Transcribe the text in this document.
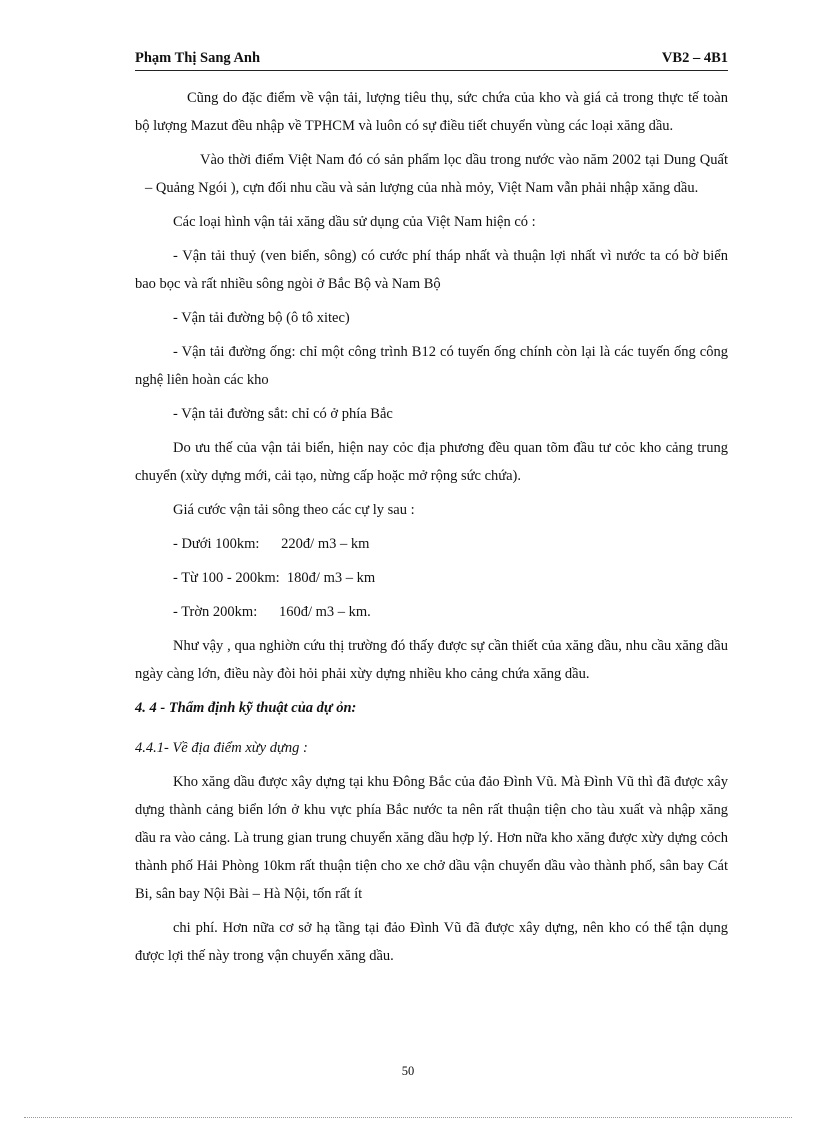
Phạm Thị Sang Anh	VB2 – 4B1

Cũng do đặc điểm về vận tải, lượng tiêu thụ, sức chứa của kho và giá cả trong thực tế toàn bộ lượng Mazut đều nhập về TPHCM và luôn có sự điều tiết chuyển vùng các loại xăng dầu.

Vào thời điểm Việt Nam đó có sản phẩm lọc dầu trong nước vào năm 2002 tại Dung Quất – Quảng Ngói ), cựn đối nhu cầu và sản lượng của nhà mỏy, Việt Nam vẫn phải nhập xăng dầu.

Các loại hình vận tải xăng dầu sử dụng của Việt Nam hiện có :

- Vận tải thuỷ (ven biển, sông) có cước phí tháp nhất và thuận lợi nhất vì nước ta có bờ biển bao bọc và rất nhiều sông ngòi ở Bắc Bộ và Nam Bộ

- Vận tải đường bộ (ô tô xitec)

- Vận tải đường ống: chỉ một công trình B12 có tuyến ống chính còn lại là các tuyến ống công nghệ liên hoàn các kho

- Vận tải đường sắt: chỉ có ở phía Bắc

Do ưu thế của vận tải biển, hiện nay cỏc địa phương đều quan tõm đầu tư cỏc kho cảng trung chuyển (xừy dựng mới, cải tạo, nừng cấp hoặc mở rộng sức chứa).

Giá cước vận tải sông theo các cự ly sau :

- Dưới 100km:      220đ/ m3 – km

- Từ 100 - 200km:  180đ/ m3 – km

- Trờn 200km:      160đ/ m3 – km.

Như vậy , qua nghiờn cứu thị trường đó thấy được sự cần thiết của xăng dầu, nhu cầu xăng dầu ngày càng lớn, điều này đòi hỏi phải xừy dựng nhiều kho cảng chứa xăng dầu.

4. 4 - Thẩm định kỹ thuật của dự ỏn:

4.4.1- Về địa điểm xừy dựng :

Kho xăng dầu được xây dựng tại khu Đông Bắc của đảo Đình Vũ. Mà Đình Vũ thì đã được xây dựng thành cảng biển lớn ở khu vực phía Bắc nước ta nên rất thuận tiện cho tàu xuất và nhập xăng dầu ra vào cảng. Là trung gian trung chuyển xăng dầu hợp lý. Hơn nữa kho xăng được xừy dựng cỏch thành phố Hải Phòng 10km rất thuận tiện cho xe chở dầu vận chuyển dầu vào thành phố, sân bay Cát Bi, sân bay Nội Bài – Hà Nội, tốn rất ít

chi phí. Hơn nữa cơ sở hạ tầng tại đảo Đình Vũ đã được xây dựng, nên kho có thể tận dụng được lợi thế này trong vận chuyển xăng dầu.

50
